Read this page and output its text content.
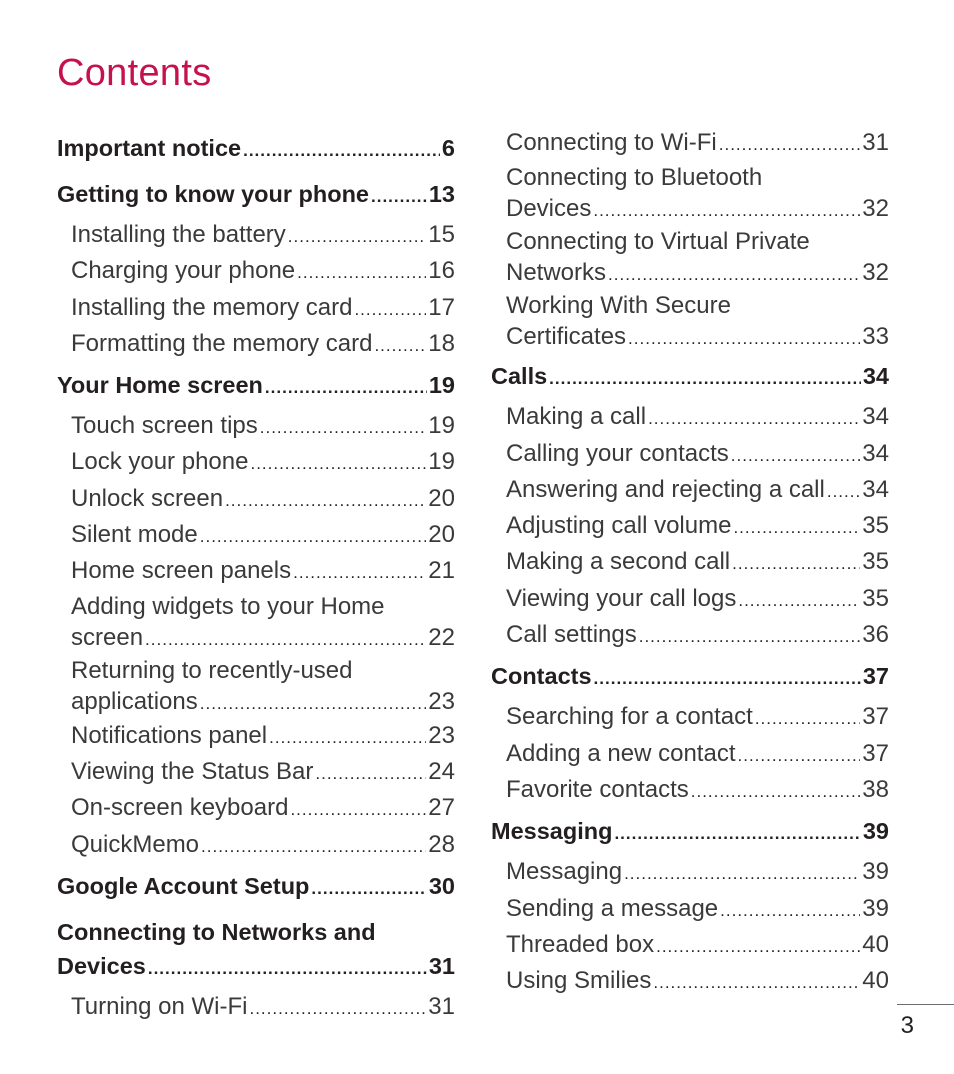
Contents
Important notice .....	6
Getting to know your phone .....	13
Installing the battery .....	15
Charging your phone .....	16
Installing the memory card .....	17
Formatting the memory card ..... 18
Your Home screen .....	19
Touch screen tips .....	19
Lock your phone .....	19
Unlock screen .....	20
Silent mode .....	20
Home screen panels .....	21
Adding widgets to your Home
screen .....	22
Returning to recently-used
applications .....	23
Notifications panel .....	23
Viewing the Status Bar .....	24
On-screen keyboard .....	27
QuickMemo .....	28
Google Account Setup .....	30
Connecting to Networks and
Devices .....	31
Turning on Wi-Fi .....	31
Connecting to Wi-Fi .....	31
Connecting to Bluetooth
Devices .....	32
Connecting to Virtual Private
Networks .....	32
Working With Secure
Certificates .....	33
Calls .....	34
Making a call .....	34
Calling your contacts .....	34
Answering and rejecting a call ..... 34
Adjusting call volume .....	35
Making a second call .....	35
Viewing your call logs .....	35
Call settings .....	36
Contacts .....	37
Searching for a contact .....	37
Adding a new contact .....	37
Favorite contacts .....	38
Messaging .....	39
Messaging .....	39
Sending a message .....	39
Threaded box .....	40
Using Smilies .....	40
3
